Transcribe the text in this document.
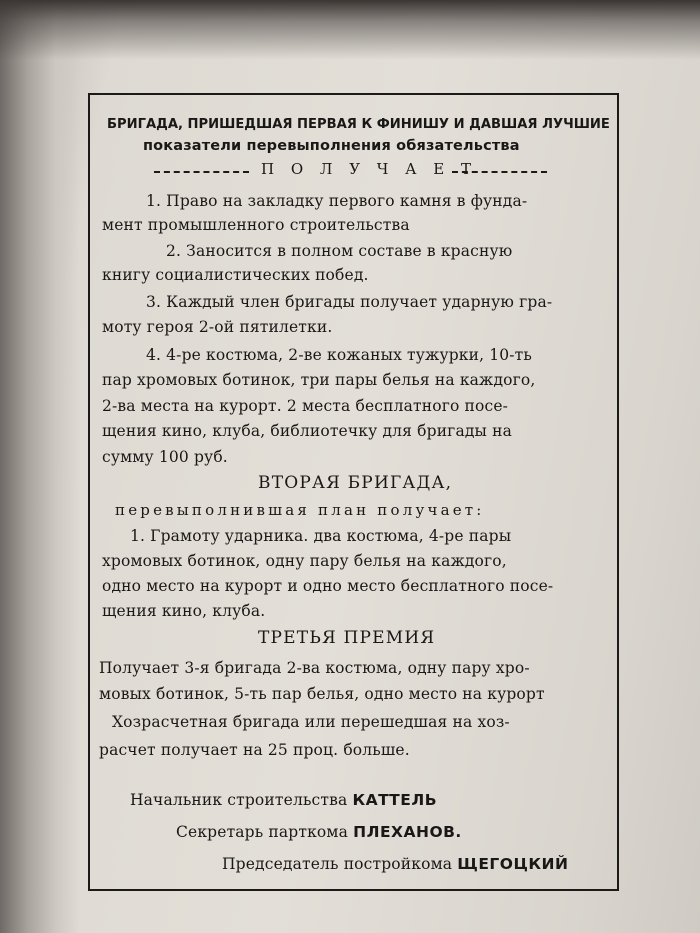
БРИГАДА, ПРИШЕДШАЯ ПЕРВАЯ К ФИНИШУ И ДАВШАЯ ЛУЧШИЕ
показатели перевыполнения обязательства
П О Л У Ч А Е Т
1. Право на закладку первого камня в фунда-
мент промышленного строительства
2. Заносится в полном составе в красную
книгу социалистических побед.
3. Каждый член бригады получает ударную гра-
моту героя 2-ой пятилетки.
4. 4-ре костюма, 2-ве кожаных тужурки, 10-ть
пар хромовых ботинок, три пары белья на каждого,
2-ва места на курорт. 2 места бесплатного посе-
щения кино, клуба, библиотечку для бригады на
сумму 100 руб.
ВТОРАЯ БРИГАДА,
перевыполнившая план получает:
1. Грамоту ударника. два костюма, 4-ре пары
хромовых ботинок, одну пару белья на каждого,
одно место на курорт и одно место бесплатного посе-
щения кино, клуба.
ТРЕТЬЯ ПРЕМИЯ
Получает 3-я бригада 2-ва костюма, одну пару хро-
мовых ботинок, 5-ть пар белья, одно место на курорт
Хозрасчетная бригада или перешедшая на хоз-
расчет получает на 25 проц. больше.
Начальник строительства КАТТЕЛЬ
Секретарь парткома ПЛЕХАНОВ.
Председатель постройкома ЩЕГОЦКИЙ
